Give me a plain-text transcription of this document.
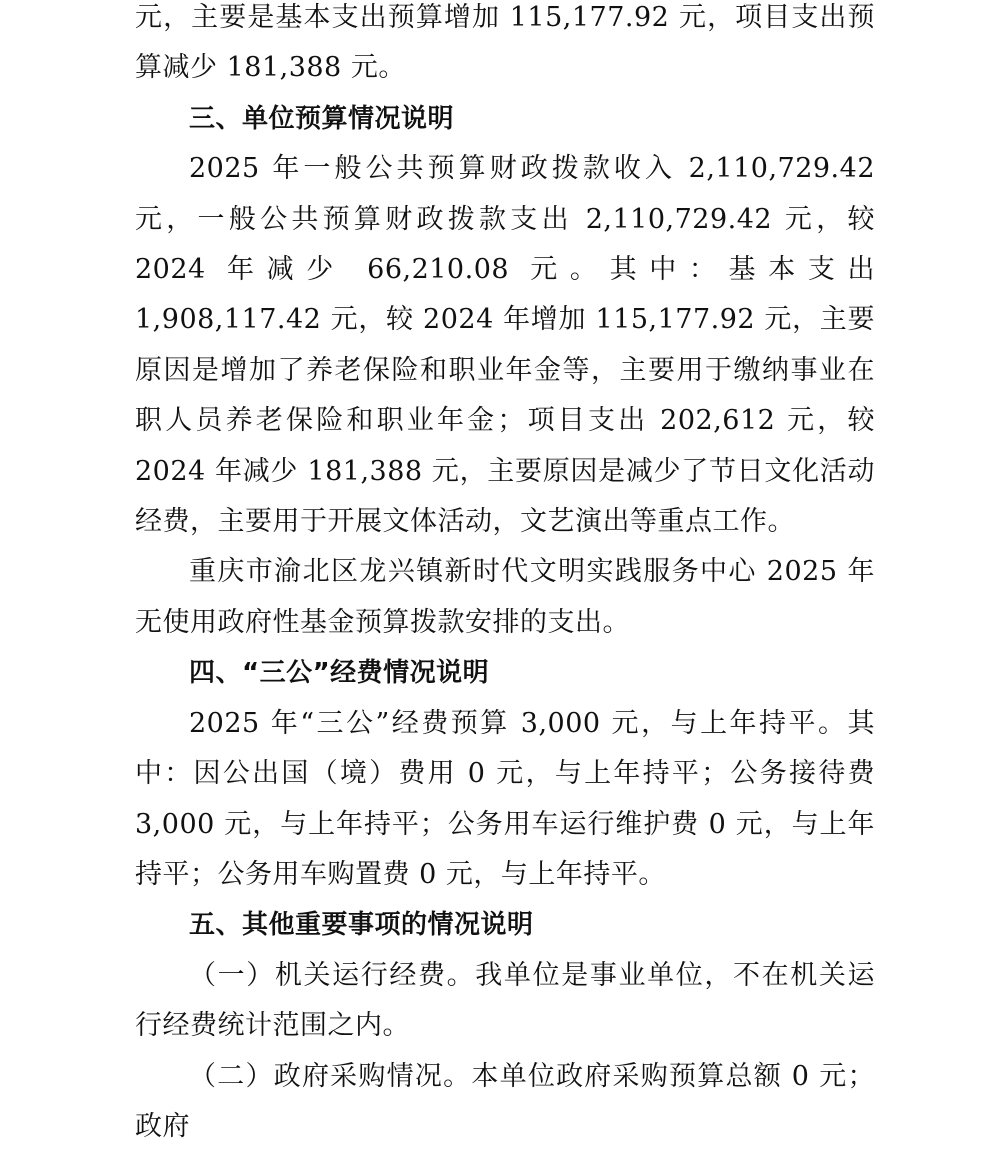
元，主要是基本支出预算增加 115,177.92 元，项目支出预算减少 181,388 元。

三、单位预算情况说明

2025 年一般公共预算财政拨款收入 2,110,729.42 元，一般公共预算财政拨款支出 2,110,729.42 元，较 2024 年减少 66,210.08 元。其中：基本支出 1,908,117.42 元，较 2024 年增加 115,177.92 元，主要原因是增加了养老保险和职业年金等，主要用于缴纳事业在职人员养老保险和职业年金；项目支出 202,612 元，较 2024 年减少 181,388 元，主要原因是减少了节日文化活动经费，主要用于开展文体活动，文艺演出等重点工作。

重庆市渝北区龙兴镇新时代文明实践服务中心 2025 年无使用政府性基金预算拨款安排的支出。

四、“三公”经费情况说明

2025 年“三公”经费预算 3,000 元，与上年持平。其中：因公出国（境）费用 0 元，与上年持平；公务接待费 3,000 元，与上年持平；公务用车运行维护费 0 元，与上年持平；公务用车购置费 0 元，与上年持平。

五、其他重要事项的情况说明

（一）机关运行经费。我单位是事业单位，不在机关运行经费统计范围之内。

（二）政府采购情况。本单位政府采购预算总额 0 元；政府
